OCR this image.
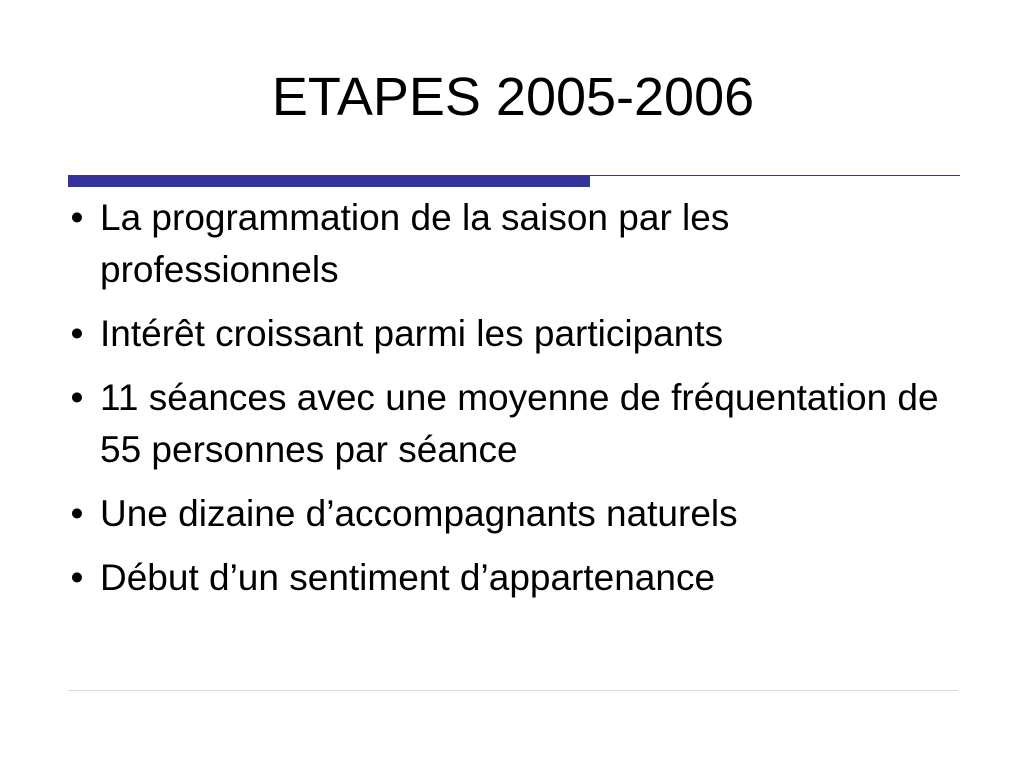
ETAPES 2005-2006
• La programmation de la saison par les professionnels
• Intérêt croissant parmi les participants
• 11 séances avec une moyenne de fréquentation de 55 personnes par séance
• Une dizaine d’accompagnants naturels
• Début d’un sentiment d’appartenance
